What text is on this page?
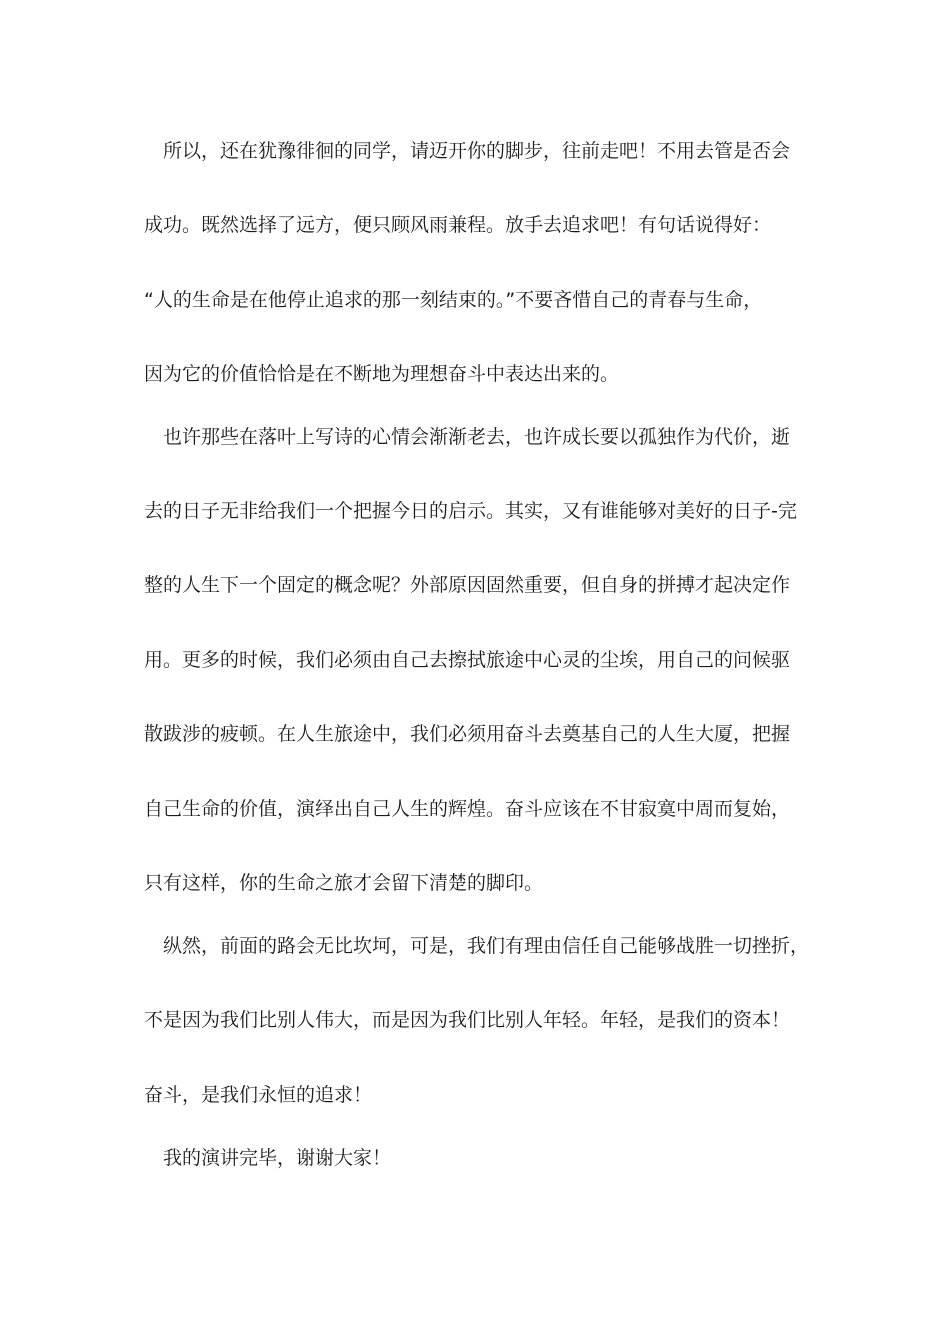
所以，还在犹豫徘徊的同学，请迈开你的脚步，往前走吧！不用去管是否会
成功。既然选择了远方，便只顾风雨兼程。放手去追求吧！有句话说得好：
“人的生命是在他停止追求的那一刻结束的。”不要吝惜自己的青春与生命，
因为它的价值恰恰是在不断地为理想奋斗中表达出来的。
也许那些在落叶上写诗的心情会渐渐老去，也许成长要以孤独作为代价，逝
去的日子无非给我们一个把握今日的启示。其实，又有谁能够对美好的日子-完
整的人生下一个固定的概念呢？外部原因固然重要，但自身的拼搏才起决定作
用。更多的时候，我们必须由自己去擦拭旅途中心灵的尘埃，用自己的问候驱
散跋涉的疲顿。在人生旅途中，我们必须用奋斗去奠基自己的人生大厦，把握
自己生命的价值，演绎出自己人生的辉煌。奋斗应该在不甘寂寞中周而复始，
只有这样，你的生命之旅才会留下清楚的脚印。
纵然，前面的路会无比坎坷，可是，我们有理由信任自己能够战胜一切挫折，
不是因为我们比别人伟大，而是因为我们比别人年轻。年轻，是我们的资本！
奋斗，是我们永恒的追求！
我的演讲完毕，谢谢大家！
